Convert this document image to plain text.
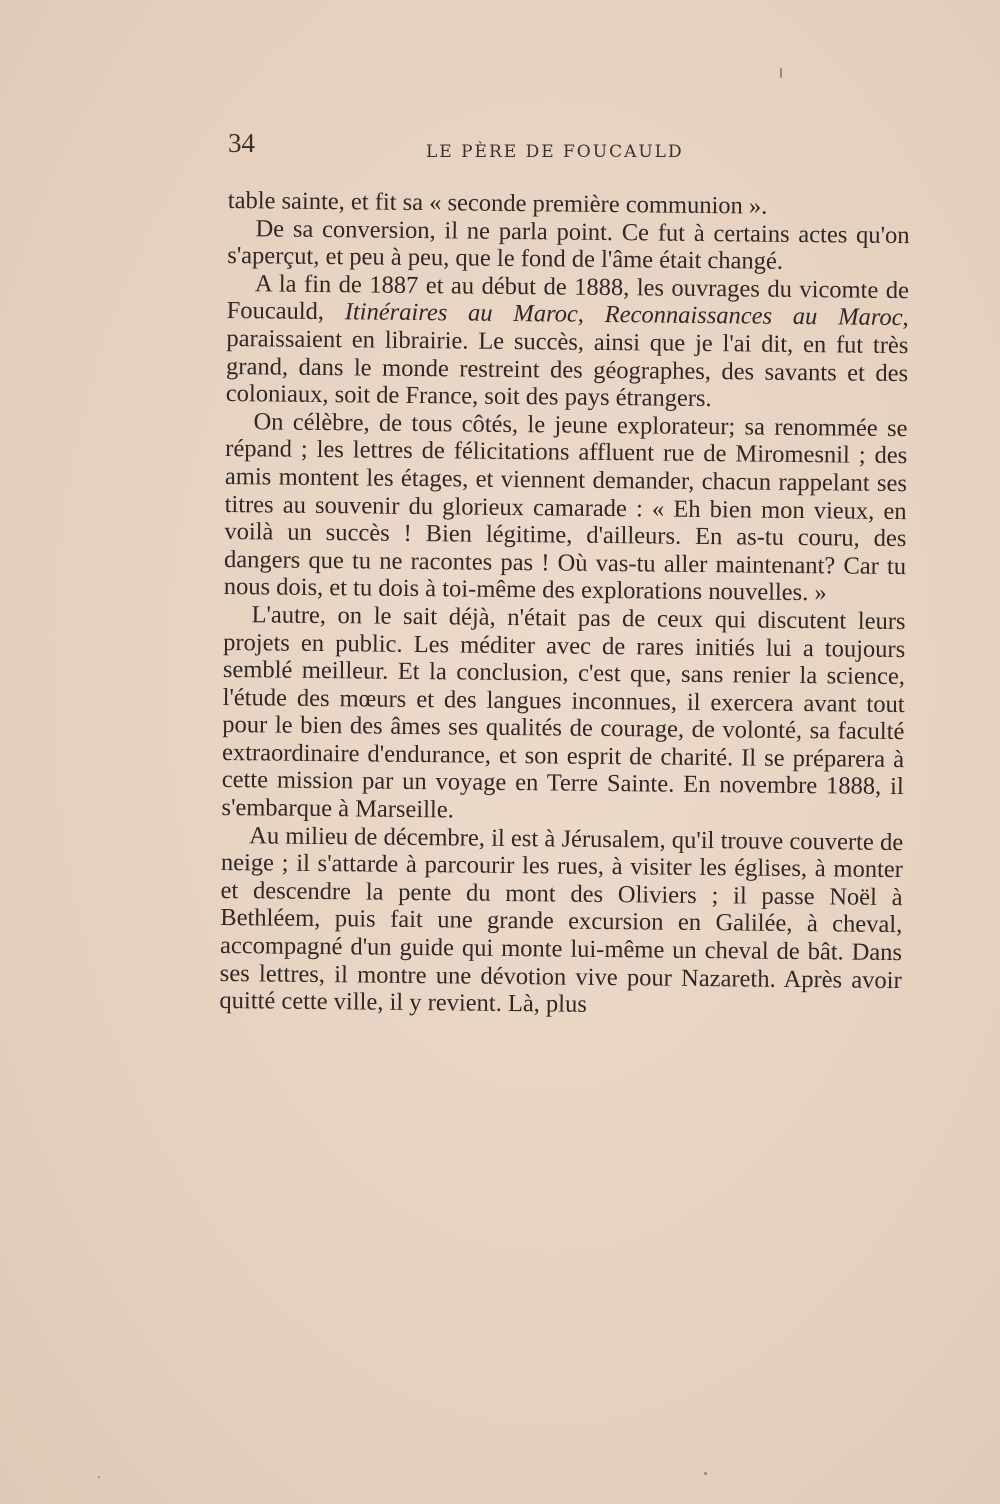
34	LE PÈRE DE FOUCAULD

table sainte, et fit sa « seconde première communion ».

De sa conversion, il ne parla point. Ce fut à certains actes qu'on s'aperçut, et peu à peu, que le fond de l'âme était changé.

A la fin de 1887 et au début de 1888, les ouvrages du vicomte de Foucauld, Itinéraires au Maroc, Reconnaissances au Maroc, paraissaient en librairie. Le succès, ainsi que je l'ai dit, en fut très grand, dans le monde restreint des géographes, des savants et des coloniaux, soit de France, soit des pays étrangers.

On célèbre, de tous côtés, le jeune explorateur; sa renommée se répand ; les lettres de félicitations affluent rue de Miromesnil ; des amis montent les étages, et viennent demander, chacun rappelant ses titres au souvenir du glorieux camarade : « Eh bien mon vieux, en voilà un succès ! Bien légitime, d'ailleurs. En as-tu couru, des dangers que tu ne racontes pas ! Où vas-tu aller maintenant? Car tu nous dois, et tu dois à toi-même des explorations nouvelles. »

L'autre, on le sait déjà, n'était pas de ceux qui discutent leurs projets en public. Les méditer avec de rares initiés lui a toujours semblé meilleur. Et la conclusion, c'est que, sans renier la science, l'étude des mœurs et des langues inconnues, il exercera avant tout pour le bien des âmes ses qualités de courage, de volonté, sa faculté extraordinaire d'endurance, et son esprit de charité. Il se préparera à cette mission par un voyage en Terre Sainte. En novembre 1888, il s'embarque à Marseille.

Au milieu de décembre, il est à Jérusalem, qu'il trouve couverte de neige ; il s'attarde à parcourir les rues, à visiter les églises, à monter et descendre la pente du mont des Oliviers ; il passe Noël à Bethléem, puis fait une grande excursion en Galilée, à cheval, accompagné d'un guide qui monte lui-même un cheval de bât. Dans ses lettres, il montre une dévotion vive pour Nazareth. Après avoir quitté cette ville, il y revient. Là, plus
